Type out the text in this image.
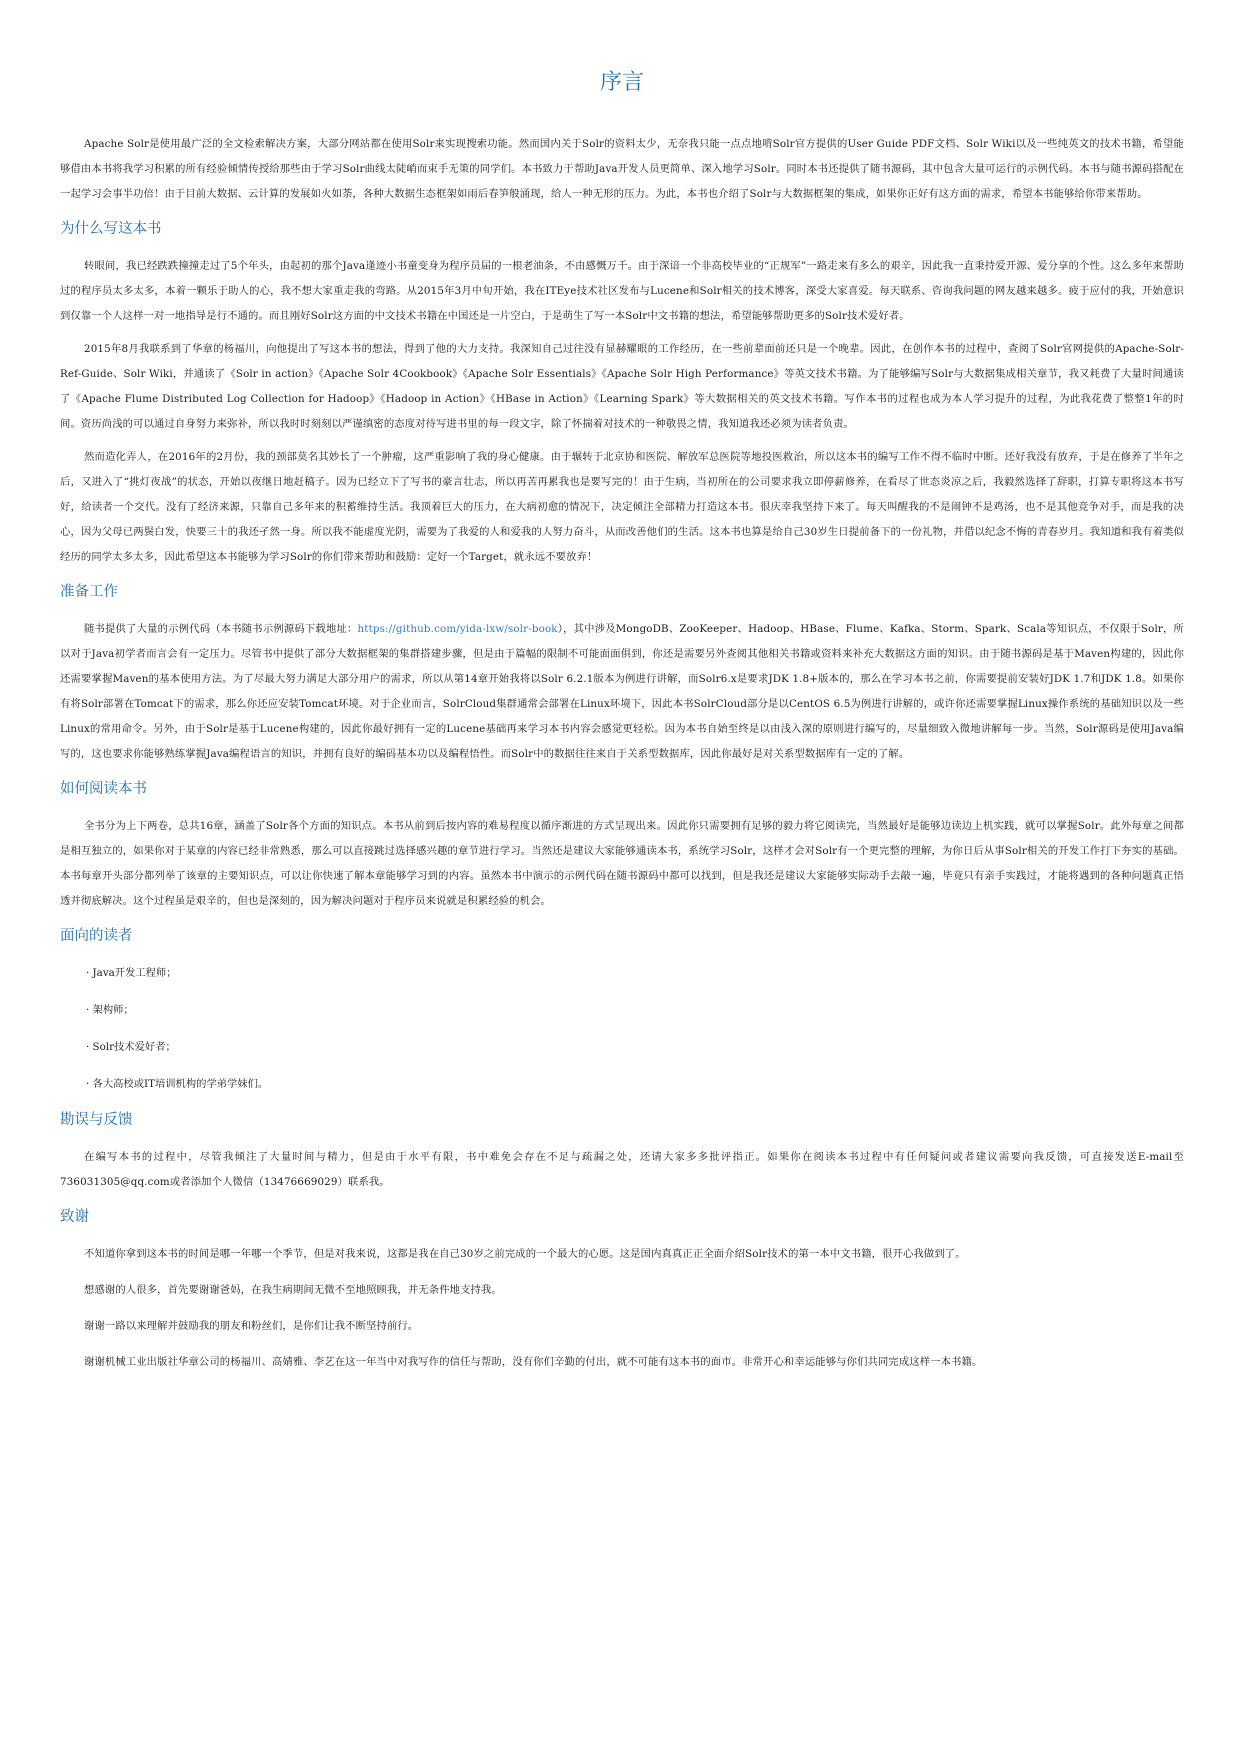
序言

Apache Solr是使用最广泛的全文检索解决方案，大部分网站都在使用Solr来实现搜索功能。然而国内关于Solr的资料太少，无奈我只能一点点地啃Solr官方提供的User Guide PDF文档、Solr Wiki以及一些纯英文的技术书籍，希望能够借由本书将我学习积累的所有经验倾情传授给那些由于学习Solr曲线太陡峭而束手无策的同学们。本书致力于帮助Java开发人员更简单、深入地学习Solr。同时本书还提供了随书源码，其中包含大量可运行的示例代码。本书与随书源码搭配在一起学习会事半功倍！由于目前大数据、云计算的发展如火如荼，各种大数据生态框架如雨后春笋般涌现，给人一种无形的压力。为此，本书也介绍了Solr与大数据框架的集成，如果你正好有这方面的需求，希望本书能够给你带来帮助。

为什么写这本书

转眼间，我已经跌跌撞撞走过了5个年头，由起初的那个Java逢迹小书童变身为程序员届的一根老油条，不由感慨万千。由于深谙一个非高校毕业的“正规军”一路走来有多么的艰辛，因此我一直秉持爱开源、爱分享的个性。这么多年来帮助过的程序员太多太多，本着一颗乐于助人的心，我不想大家重走我的弯路。从2015年3月中旬开始，我在ITEye技术社区发布与Lucene和Solr相关的技术博客，深受大家喜爱。每天联系、咨询我问题的网友越来越多。疲于应付的我，开始意识到仅靠一个人这样一对一地指导是行不通的。而且刚好Solr这方面的中文技术书籍在中国还是一片空白，于是萌生了写一本Solr中文书籍的想法，希望能够帮助更多的Solr技术爱好者。

2015年8月我联系到了华章的杨福川，向他提出了写这本书的想法，得到了他的大力支持。我深知自己过往没有显赫耀眼的工作经历，在一些前辈面前还只是一个晚辈。因此，在创作本书的过程中，查阅了Solr官网提供的Apache-Solr-Ref-Guide、Solr Wiki，并通读了《Solr in action》《Apache Solr 4Cookbook》《Apache Solr Essentials》《Apache Solr High Performance》等英文技术书籍。为了能够编写Solr与大数据集成相关章节，我又耗费了大量时间通读了《Apache Flume Distributed Log Collection for Hadoop》《Hadoop in Action》《HBase in Action》《Learning Spark》等大数据相关的英文技术书籍。写作本书的过程也成为本人学习提升的过程，为此我花费了整整1年的时间。资历尚浅的可以通过自身努力来弥补，所以我时时刻刻以严谨缜密的态度对待写进书里的每一段文字，除了怀揣着对技术的一种敬畏之情，我知道我还必须为读者负责。

然而造化弄人，在2016年的2月份，我的颈部莫名其妙长了一个肿瘤，这严重影响了我的身心健康。由于辗转于北京协和医院、解放军总医院等地投医救治，所以这本书的编写工作不得不临时中断。还好我没有放弃，于是在修养了半年之后，又进入了“挑灯夜战”的状态，开始以夜继日地赶稿子。因为已经立下了写书的豪言壮志，所以再苦再累我也是要写完的！由于生病，当初所在的公司要求我立即停薪修养，在看尽了世态炎凉之后，我毅然选择了辞职，打算专职将这本书写好，给读者一个交代。没有了经济来源，只靠自己多年来的积蓄维持生活。我顶着巨大的压力，在大病初愈的情况下，决定倾注全部精力打造这本书。很庆幸我坚持下来了。每天叫醒我的不是闹钟不是鸡汤，也不是其他竞争对手，而是我的决心，因为父母已两鬓白发，快要三十的我还孑然一身。所以我不能虚度光阴，需要为了我爱的人和爱我的人努力奋斗，从而改善他们的生活。这本书也算是给自己30岁生日提前备下的一份礼物，并借以纪念不悔的青春岁月。我知道和我有着类似经历的同学太多太多，因此希望这本书能够为学习Solr的你们带来帮助和鼓励：定好一个Target，就永远不要放弃！

准备工作

随书提供了大量的示例代码（本书随书示例源码下载地址：https://github.com/yida-lxw/solr-book），其中涉及MongoDB、ZooKeeper、Hadoop、HBase、Flume、Kafka、Storm、Spark、Scala等知识点，不仅限于Solr，所以对于Java初学者而言会有一定压力。尽管书中提供了部分大数据框架的集群搭建步骤，但是由于篇幅的限制不可能面面俱到，你还是需要另外查阅其他相关书籍或资料来补充大数据这方面的知识。由于随书源码是基于Maven构建的，因此你还需要掌握Maven的基本使用方法。为了尽最大努力满足大部分用户的需求，所以从第14章开始我将以Solr 6.2.1版本为例进行讲解，而Solr6.x是要求JDK 1.8+版本的，那么在学习本书之前，你需要提前安装好JDK 1.7和JDK 1.8。如果你有将Solr部署在Tomcat下的需求，那么你还应安装Tomcat环境。对于企业而言，SolrCloud集群通常会部署在Linux环境下，因此本书SolrCloud部分是以CentOS 6.5为例进行讲解的，或许你还需要掌握Linux操作系统的基础知识以及一些Linux的常用命令。另外，由于Solr是基于Lucene构建的，因此你最好拥有一定的Lucene基础再来学习本书内容会感觉更轻松。因为本书自始至终是以由浅入深的原则进行编写的，尽量细致入微地讲解每一步。当然，Solr源码是使用Java编写的，这也要求你能够熟练掌握Java编程语言的知识，并拥有良好的编码基本功以及编程悟性。而Solr中的数据往往来自于关系型数据库，因此你最好是对关系型数据库有一定的了解。

如何阅读本书

全书分为上下两卷，总共16章，涵盖了Solr各个方面的知识点。本书从前到后按内容的难易程度以循序渐进的方式呈现出来。因此你只需要拥有足够的毅力将它阅读完，当然最好是能够边读边上机实践，就可以掌握Solr。此外每章之间都是相互独立的，如果你对于某章的内容已经非常熟悉，那么可以直接跳过选择感兴趣的章节进行学习。当然还是建议大家能够通读本书，系统学习Solr，这样才会对Solr有一个更完整的理解，为你日后从事Solr相关的开发工作打下夯实的基础。本书每章开头部分都列举了该章的主要知识点，可以让你快速了解本章能够学习到的内容。虽然本书中演示的示例代码在随书源码中都可以找到，但是我还是建议大家能够实际动手去敲一遍，毕竟只有亲手实践过，才能将遇到的各种问题真正悟透并彻底解决。这个过程虽是艰辛的，但也是深刻的，因为解决问题对于程序员来说就是积累经验的机会。

面向的读者

· Java开发工程师；

· 架构师；

· Solr技术爱好者；

· 各大高校或IT培训机构的学弟学妹们。

勘误与反馈

在编写本书的过程中，尽管我倾注了大量时间与精力，但是由于水平有限，书中难免会存在不足与疏漏之处，还请大家多多批评指正。如果你在阅读本书过程中有任何疑问或者建议需要向我反馈，可直接发送E-mail至736031305@qq.com或者添加个人微信（13476669029）联系我。

致谢

不知道你拿到这本书的时间是哪一年哪一个季节，但是对我来说，这都是我在自己30岁之前完成的一个最大的心愿。这是国内真真正正全面介绍Solr技术的第一本中文书籍，很开心我做到了。

想感谢的人很多，首先要谢谢爸妈，在我生病期间无微不至地照顾我，并无条件地支持我。

谢谢一路以来理解并鼓励我的朋友和粉丝们，是你们让我不断坚持前行。

谢谢机械工业出版社华章公司的杨福川、高婧雅、李艺在这一年当中对我写作的信任与帮助，没有你们辛勤的付出，就不可能有这本书的面市。非常开心和幸运能够与你们共同完成这样一本书籍。
